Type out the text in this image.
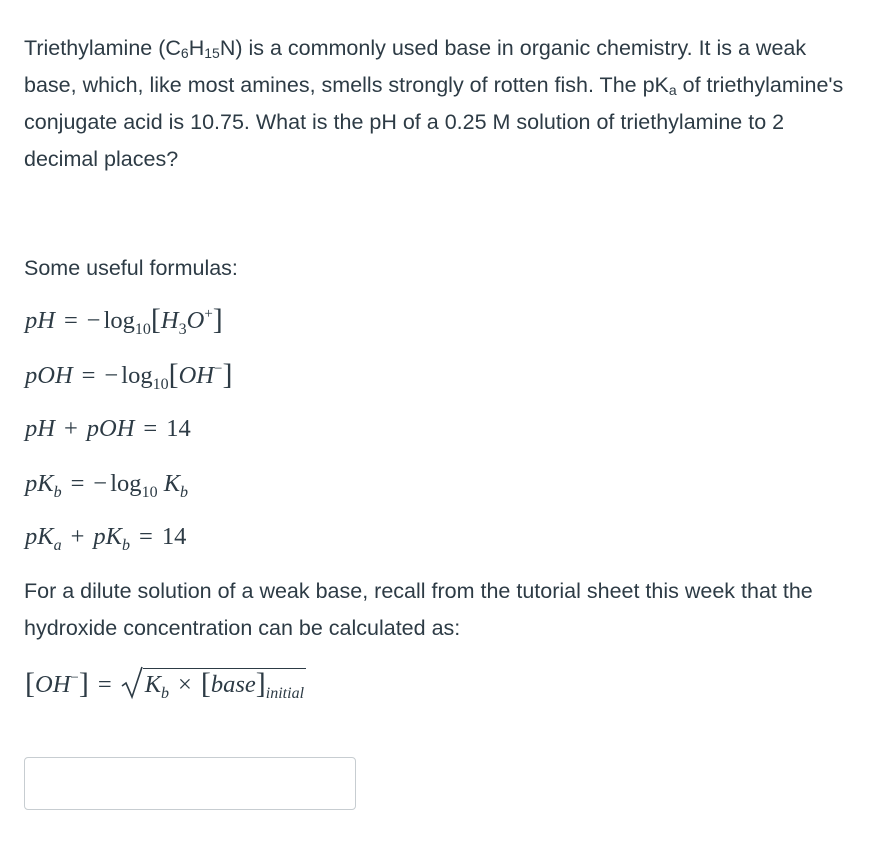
Triethylamine $(C_6H_{15}N)$ is a commonly used base in organic chemistry. It is a weak base, which, like most amines, smells strongly of rotten fish. The $pK_a$ of triethylamine's conjugate acid is 10.75. What is the pH of a 0.25 M solution of triethylamine to 2 decimal places?
Some useful formulas:
pH = − $\log_{10}[H_3O^+]$
pOH = − $\log_{10}[OH^-]$
pH + pOH = 14
$pK_b$ = − $\log_{10} K_b$
$pK_a + pK_b = 14$
For a dilute solution of a weak base, recall from the tutorial sheet this week that the hydroxide concentration can be calculated as:
$[OH^-] = K_b$ × $[base]_{initial}$
